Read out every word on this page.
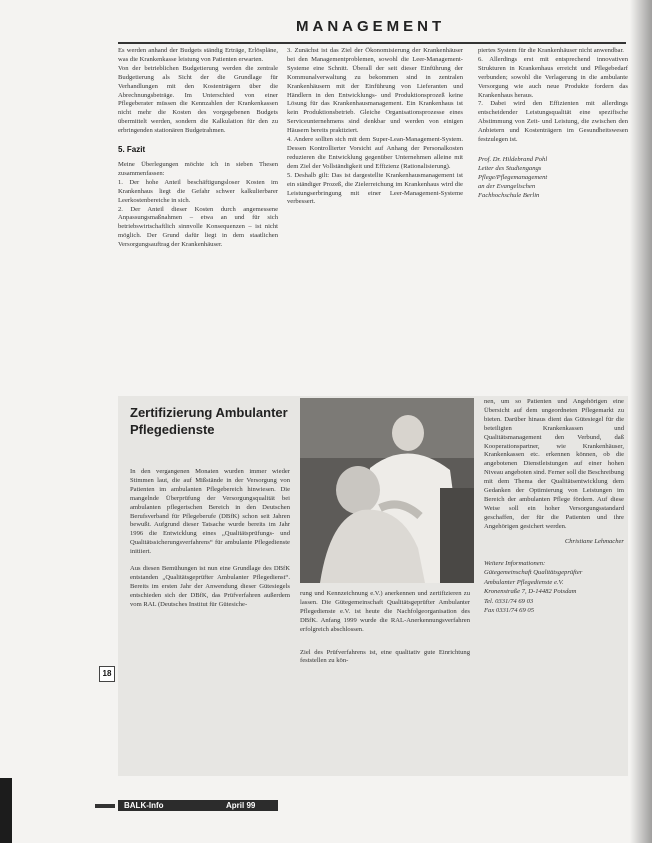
MANAGEMENT

Es werden anhand der Budgets ständig Erträge, Erlöspläne, was die Krankenkasse leistung von Patienten erwarten.

Von der betrieblichen Budgetierung werden die zentrale Budgetierung als Sicht der die Grundlage für Verhandlungen mit den Kostenträgern über die Abrechnungsbeträge. Im Unterschied von einer Pflegeberater müssen die Kennzahlen der Krankenkassen nicht mehr die Kosten des vorgegebenen Budgets übermittelt werden, sondern die Kalkulation für den zu erbringenden stationären Budgetrahmen.

5. Fazit

Meine Überlegungen möchte ich in sieben Thesen zusammenfassen:

1. Der hohe Anteil beschäftigungsloser Kosten im Krankenhaus liegt die Gefahr schwer kalkulierbarer Leerkostenbereiche in sich.

2. Der Anteil dieser Kosten durch angemessene Anpassungsmaßnahmen – etwa an und für sich betriebswirtschaftlich sinnvolle Konsequenzen – ist nicht möglich. Der Grund dafür liegt in dem staatlichen Versorgungsauftrag der Krankenhäuser.

3. Zunächst ist das Ziel der Ökonomisierung der Krankenhäuser bei den Managementproblemen, sowohl die Leer-Management-Systeme eine Schnitt. Überall der seit dieser Einführung der Kommunalverwaltung zu bekommen sind in zentralen Krankenhäusern mit der Einführung von Lieferanten und Händlern in den Entwicklungs- und Produktionsprozeß keine Lösung für das Krankenhausmanagement. Ein Krankenhaus ist kein Produktionsbetrieb. Gleiche Organisationsprozesse eines Serviceunternehmens sind denkbar und werden von einigen Häusern bereits praktiziert.

4. Andere sollten sich mit dem Super-Lean-Management-System. Dessen Kontrollierter Vorsicht auf Anhang der Personalkosten reduzieren die Entwicklung gegenüber Unternehmen alleine mit dem Ziel der Vollständigkeit und Effizienz (Rationalisierung).

5. Deshalb gilt: Das ist dargestellte Krankenhausmanagement ist ein ständiger Prozeß, die Zielerreichung im Krankenhaus wird die Leistungserbringung mit einer Leer-Management-Systeme verbessert.

piertes System für die Krankenhäuser nicht anwendbar.

6. Allerdings erst mit entsprechend innovativen Strukturen in Krankenhaus erreicht und Pflegebedarf verbunden; sowohl die Verlagerung in die ambulante Versorgung wie auch neue Produkte fordern das Krankenhaus heraus.

7. Dabei wird den Effizienten mit allerdings entscheidender Leistungsqualität eine spezifische Abstimmung von Zeit- und Leistung, die zwischen den Anbietern und Kostenträgern im Gesundheitswesen festzulegen ist.

Prof. Dr. Hildebrand Pohl
Leiter des Studiengangs
Pflege/Pflegemanagement
an der Evangelischen
Fachhochschule Berlin
Zertifizierung Ambulanter Pflegedienste

In den vergangenen Monaten wurden immer wieder Stimmen laut, die auf Mißstände in der Versorgung von Patienten im ambulanten Pflegebereich hinwiesen. Die mangelnde Überprüfung der Versorgungsqualität bei ambulanten pflegerischen Bereich in den Deutschen Berufsverband für Pflegeberufe (DBfK) schon seit Jahren bewußt. Aufgrund dieser Tatsache wurde bereits im Jahr 1996 die Entwicklung eines „Qualitätsprüfungs- und Qualitätssicherungsverfahrens“ für ambulante Pflegedienste initiiert.

Aus diesen Bemühungen ist nun eine Grundlage des DBfK entstanden „Qualitätsgeprüfter Ambulanter Pflegedienst“. Bereits im ersten Jahr der Anwendung dieser Gütesiegels entschieden sich der DBfK, das Prüfverfahren außerdem vom RAL (Deutsches Institut für Gütesiche-

rung und Kennzeichnung e.V.) anerkennen und zertifizieren zu lassen. Die Gütegemeinschaft Qualitätsgeprüfter Ambulanter Pflegedienste e.V. ist heute die Nachfolgeorganisation des DBfK. Anfang 1999 wurde die RAL-Anerkennungsverfahren erfolgreich abschlossen.

Ziel des Prüfverfahrens ist, eine qualitativ gute Einrichtung feststellen zu kön-

nen, um so Patienten und Angehörigen eine Übersicht auf dem ungeordneten Pflegemarkt zu bieten. Darüber hinaus dient das Gütesiegel für die beteiligten Krankenkassen und Qualitätsmanagement den Verbund, daß Kooperationspartner, wie Krankenhäuser, Krankenkassen etc. erkennen können, ob die angebotenen Dienstleistungen auf einer hohen Niveau angeboten sind. Ferner soll die Beschreibung mit dem Thema der Qualitätsentwicklung dem Gedanken der Optimierung von Leistungen im Bereich der ambulanten Pflege fördern. Auf diese Weise soll ein hoher Versorgungsstandard geschaffen, der für die Patienten und ihre Angehörigen gesichert werden.

Christiane Lehmacher

Weitere Informationen:
Gütegemeinschaft Qualitätsgeprüfter
Ambulanter Pflegedienste e.V.
Kronenstraße 7, D-14482 Potsdam
Tel. 0331/74 69 03
Fax 0331/74 69 05
18
BALK-Info	April 99
